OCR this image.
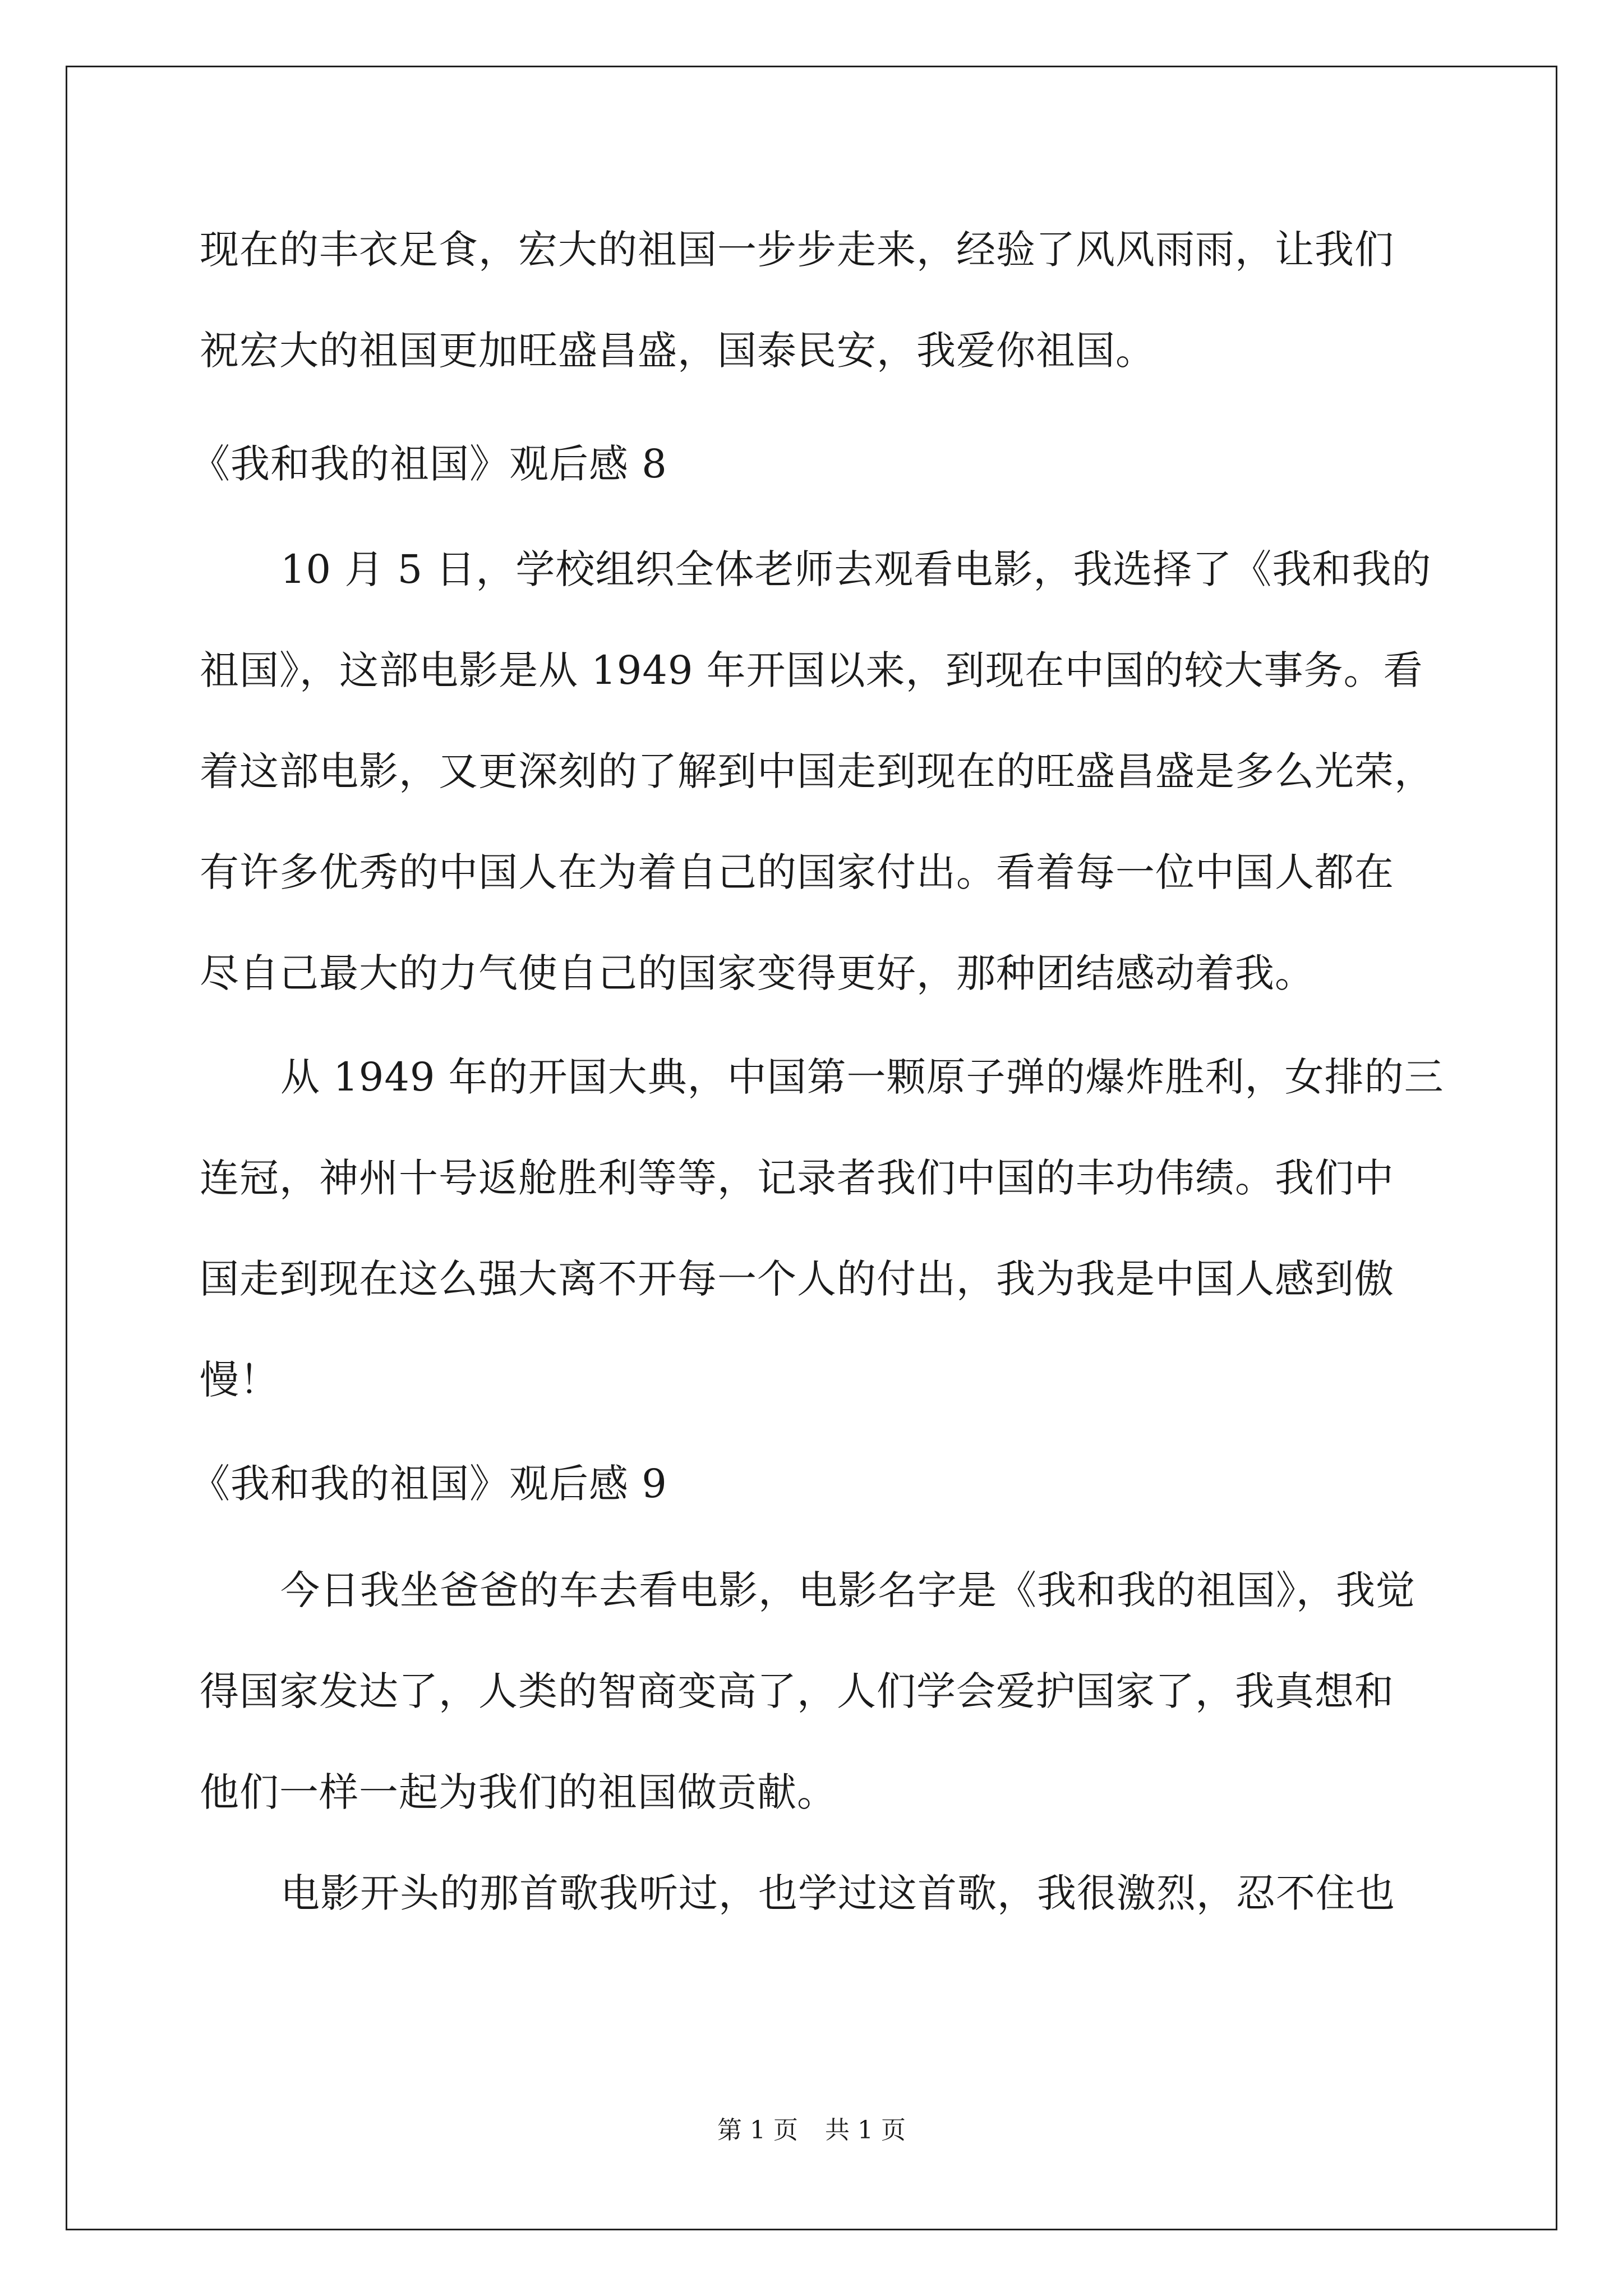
现在的丰衣足食，宏大的祖国一步步走来，经验了风风雨雨，让我们
祝宏大的祖国更加旺盛昌盛，国泰民安，我爱你祖国。
《我和我的祖国》观后感 8
10 月 5 日，学校组织全体老师去观看电影，我选择了《我和我的
祖国》，这部电影是从 1949 年开国以来，到现在中国的较大事务。看
着这部电影，又更深刻的了解到中国走到现在的旺盛昌盛是多么光荣，
有许多优秀的中国人在为着自己的国家付出。看着每一位中国人都在
尽自己最大的力气使自己的国家变得更好，那种团结感动着我。
从 1949 年的开国大典，中国第一颗原子弹的爆炸胜利，女排的三
连冠，神州十号返舱胜利等等，记录者我们中国的丰功伟绩。我们中
国走到现在这么强大离不开每一个人的付出，我为我是中国人感到傲
慢！
《我和我的祖国》观后感 9
今日我坐爸爸的车去看电影，电影名字是《我和我的祖国》，我觉
得国家发达了，人类的智商变高了，人们学会爱护国家了，我真想和
他们一样一起为我们的祖国做贡献。
电影开头的那首歌我听过，也学过这首歌，我很激烈，忍不住也
第 1 页 共 1 页
